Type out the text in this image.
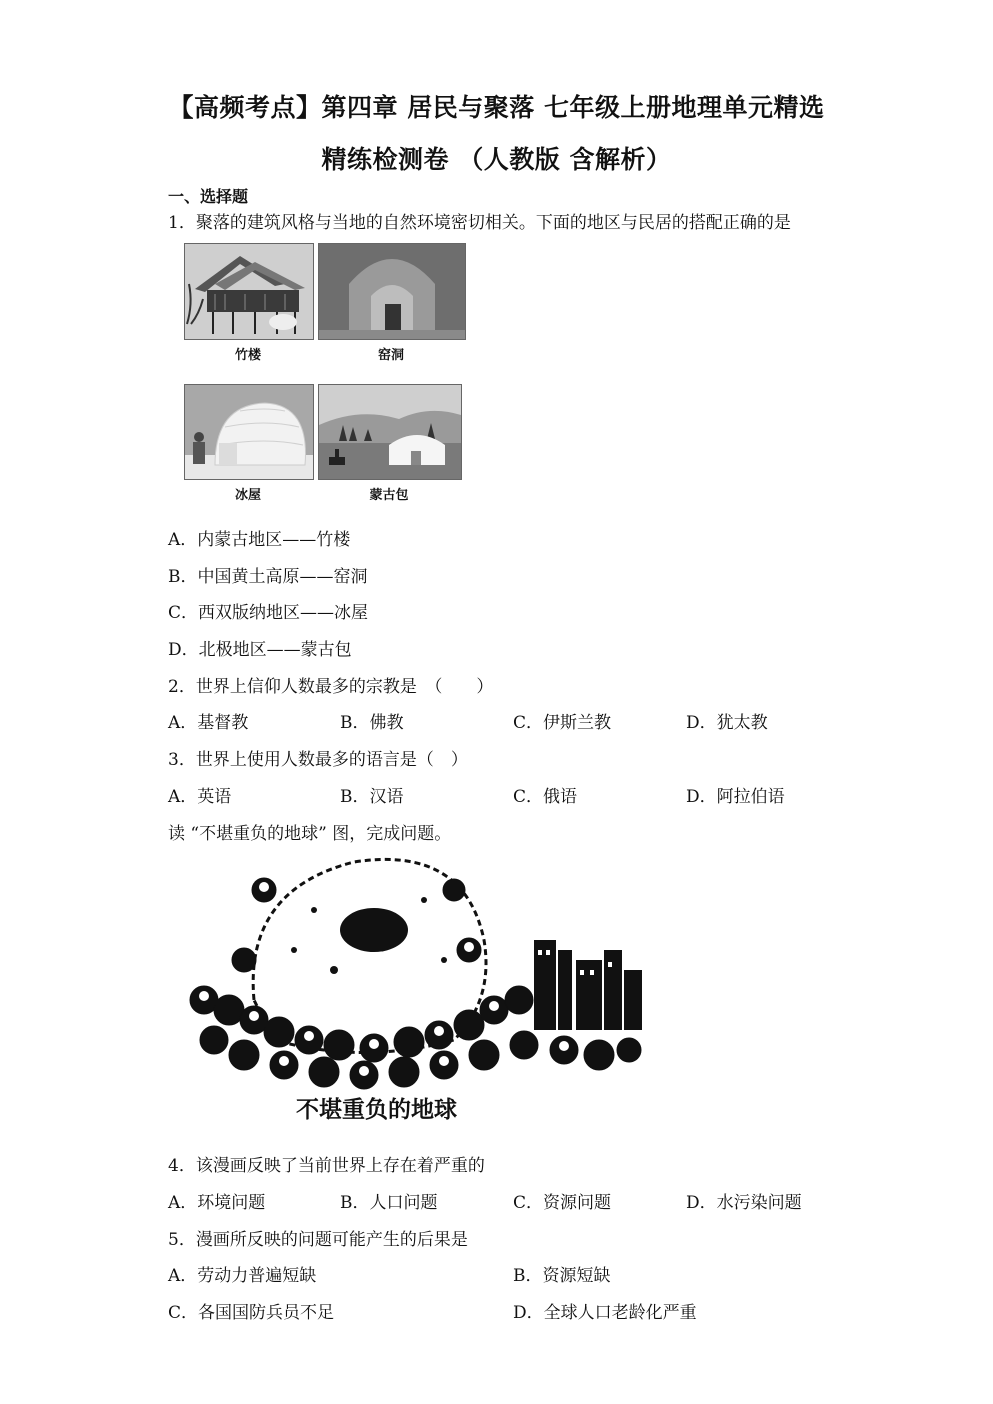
【高频考点】第四章 居民与聚落 七年级上册地理单元精选
精练检测卷 （人教版 含解析）
一、选择题
1．聚落的建筑风格与当地的自然环境密切相关。下面的地区与民居的搭配正确的是
竹楼	窑洞
冰屋	蒙古包
A．内蒙古地区——竹楼
B．中国黄土高原——窑洞
C．西双版纳地区——冰屋
D．北极地区——蒙古包
2．世界上信仰人数最多的宗教是　（　　）
A．基督教	B．佛教	C．伊斯兰教	D．犹太教
3．世界上使用人数最多的语言是（　）
A．英语	B．汉语	C．俄语	D．阿拉伯语
读 “不堪重负的地球” 图，完成问题。
不堪重负的地球
4．该漫画反映了当前世界上存在着严重的
A．环境问题	B．人口问题	C．资源问题	D．水污染问题
5．漫画所反映的问题可能产生的后果是
A．劳动力普遍短缺	B．资源短缺
C．各国国防兵员不足	D．全球人口老龄化严重
